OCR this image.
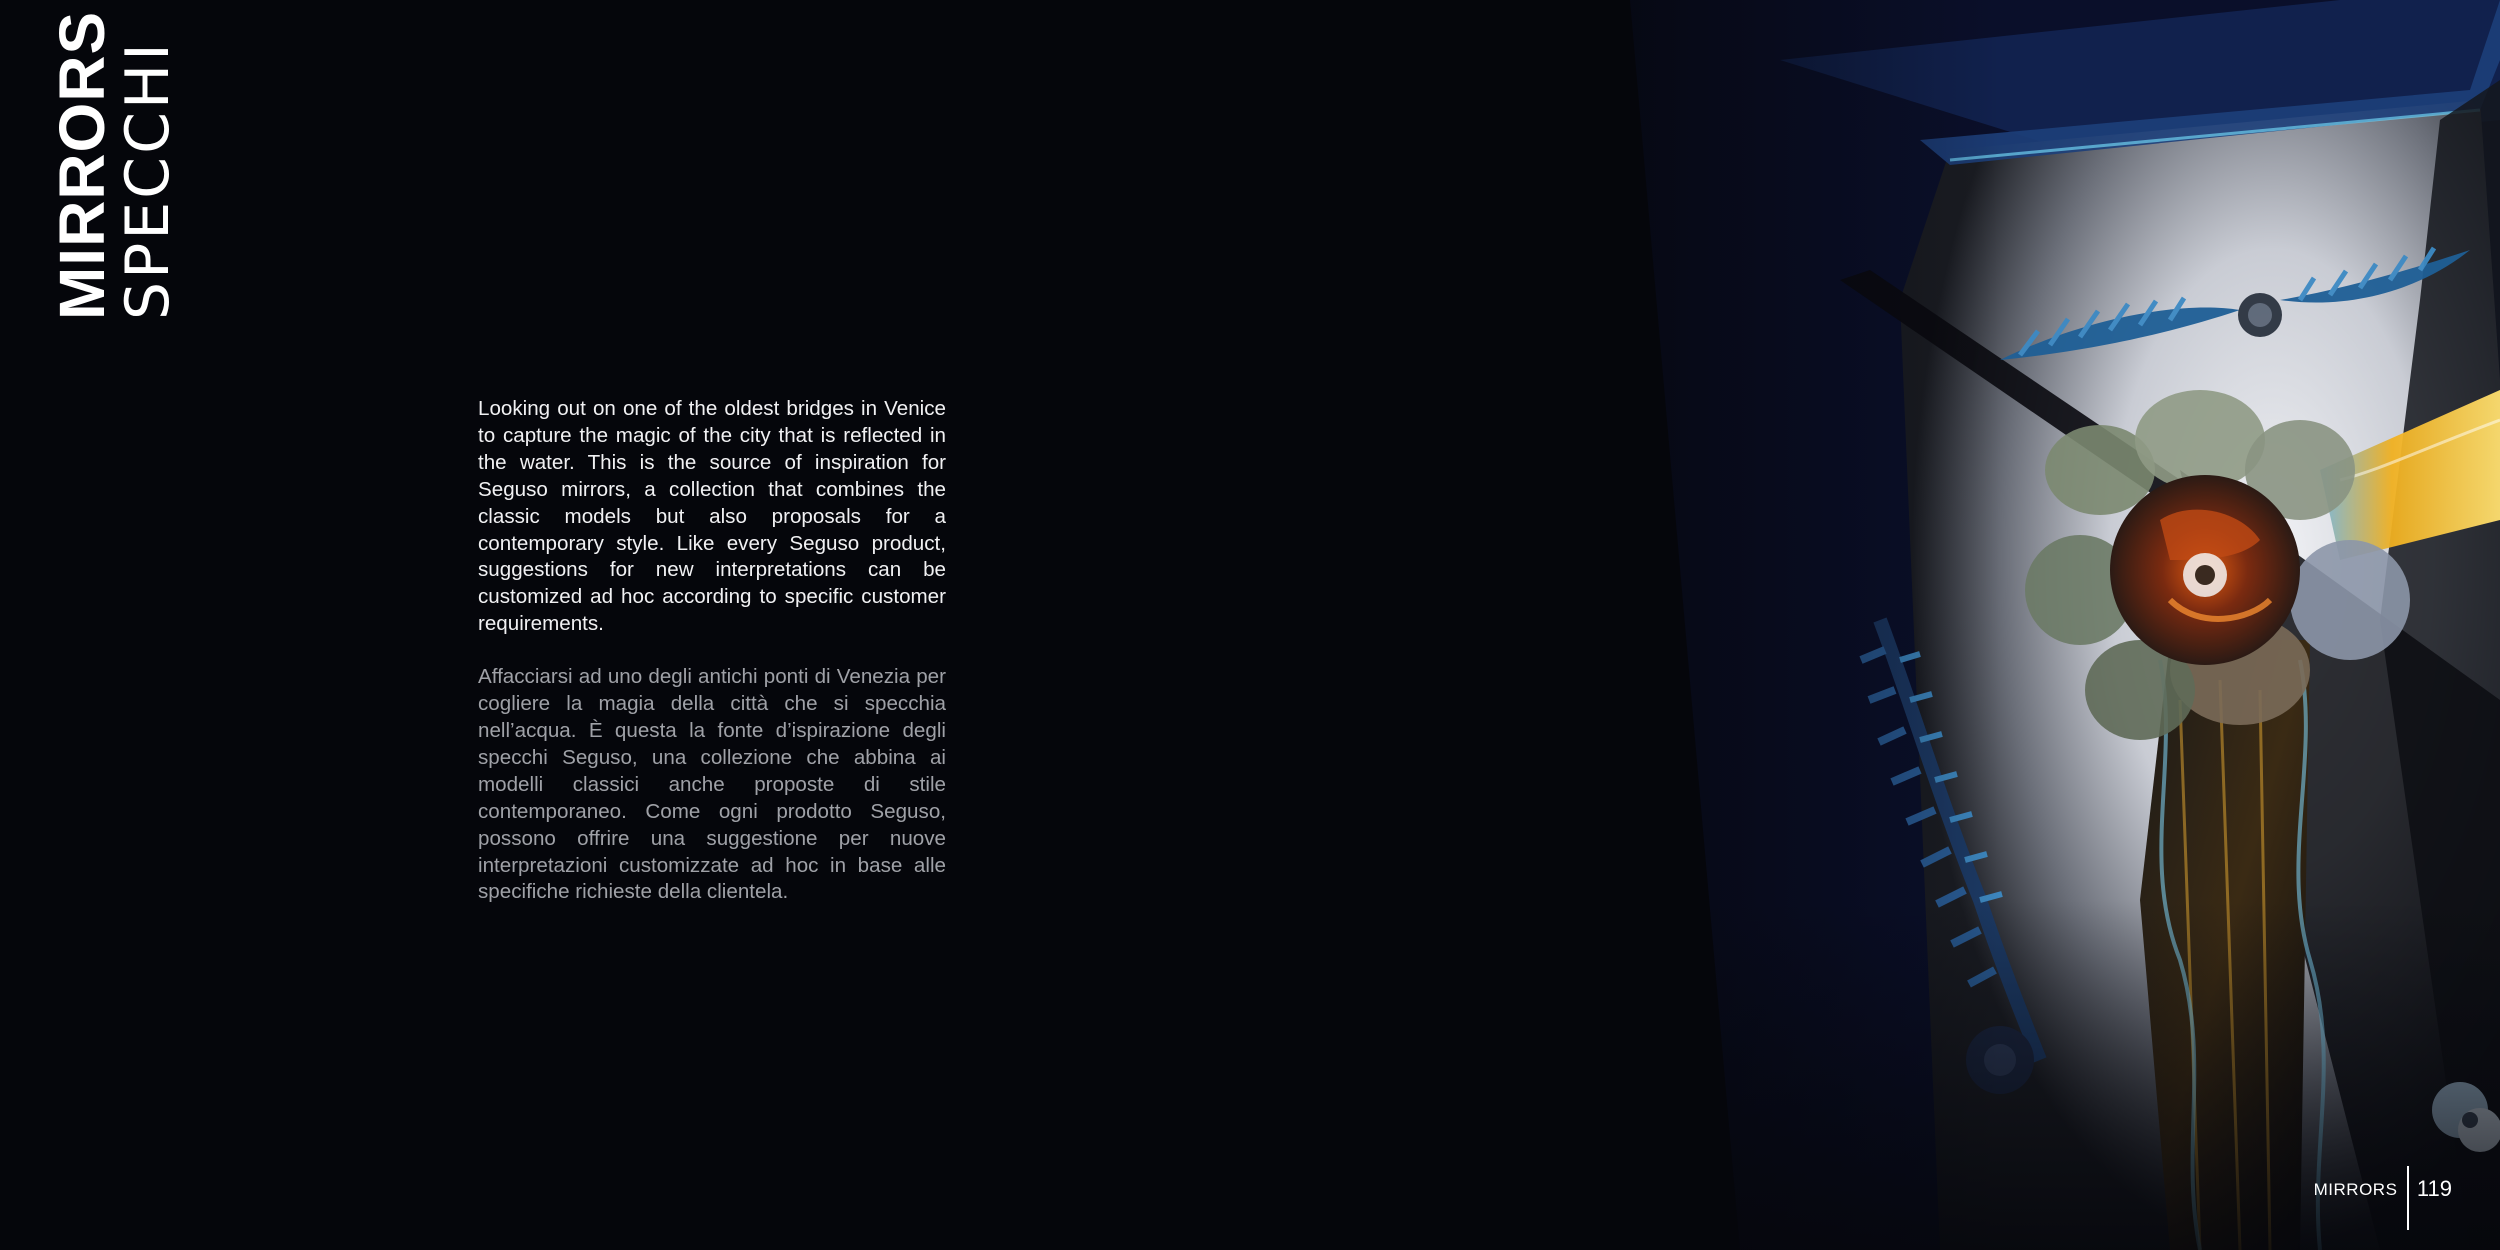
MIRRORS
SPECCHI

Looking out on one of the oldest bridges in Venice to capture the magic of the city that is reflected in the water. This is the source of inspiration for Seguso mirrors, a collection that combines the classic models but also proposals for a contemporary style. Like every Seguso product, suggestions for new interpretations can be customized ad hoc according to specific customer requirements.

Affacciarsi ad uno degli antichi ponti di Venezia per cogliere la magia della città che si specchia nell’acqua. È questa la fonte d’ispirazione degli specchi Seguso, una collezione che abbina ai modelli classici anche proposte di stile contemporaneo. Come ogni prodotto Seguso, possono offrire una suggestione per nuove interpretazioni customizzate ad hoc in base alle specifiche richieste della clientela.

MIRRORS 119
